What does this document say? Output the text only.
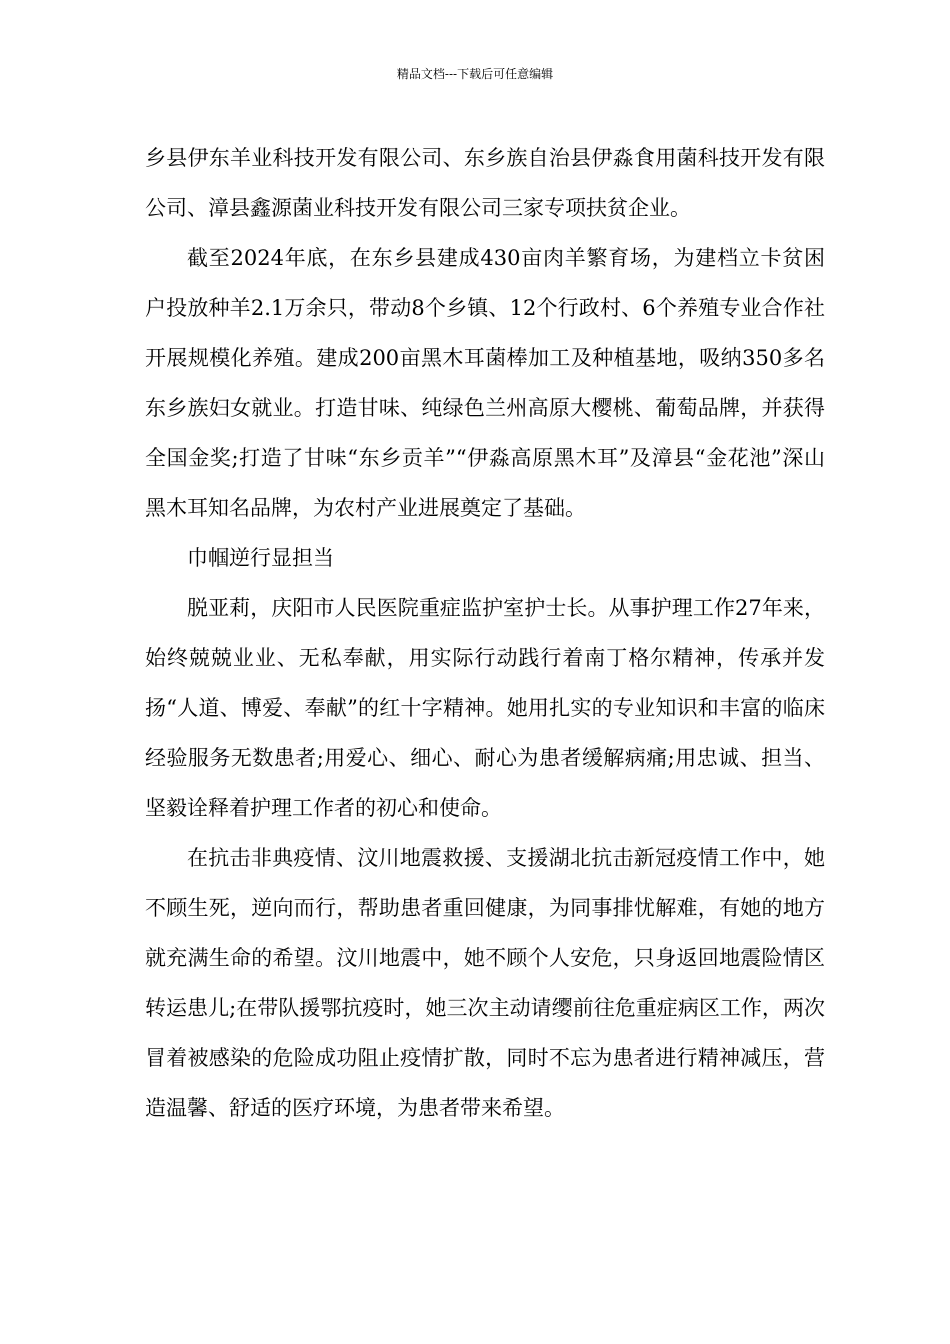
精品文档---下载后可任意编辑

乡县伊东羊业科技开发有限公司、东乡族自治县伊淼食用菌科技开发有限公司、漳县鑫源菌业科技开发有限公司三家专项扶贫企业。

截至2024年底，在东乡县建成430亩肉羊繁育场，为建档立卡贫困户投放种羊2.1万余只，带动8个乡镇、12个行政村、6个养殖专业合作社开展规模化养殖。建成200亩黑木耳菌棒加工及种植基地，吸纳350多名东乡族妇女就业。打造甘味、纯绿色兰州高原大樱桃、葡萄品牌，并获得全国金奖;打造了甘味“东乡贡羊”“伊淼高原黑木耳”及漳县“金花池”深山黑木耳知名品牌，为农村产业进展奠定了基础。

巾帼逆行显担当

脱亚莉，庆阳市人民医院重症监护室护士长。从事护理工作27年来，始终兢兢业业、无私奉献，用实际行动践行着南丁格尔精神，传承并发扬“人道、博爱、奉献”的红十字精神。她用扎实的专业知识和丰富的临床经验服务无数患者;用爱心、细心、耐心为患者缓解病痛;用忠诚、担当、坚毅诠释着护理工作者的初心和使命。

在抗击非典疫情、汶川地震救援、支援湖北抗击新冠疫情工作中，她不顾生死，逆向而行，帮助患者重回健康，为同事排忧解难，有她的地方就充满生命的希望。汶川地震中，她不顾个人安危，只身返回地震险情区转运患儿;在带队援鄂抗疫时，她三次主动请缨前往危重症病区工作，两次冒着被感染的危险成功阻止疫情扩散，同时不忘为患者进行精神减压，营造温馨、舒适的医疗环境，为患者带来希望。
